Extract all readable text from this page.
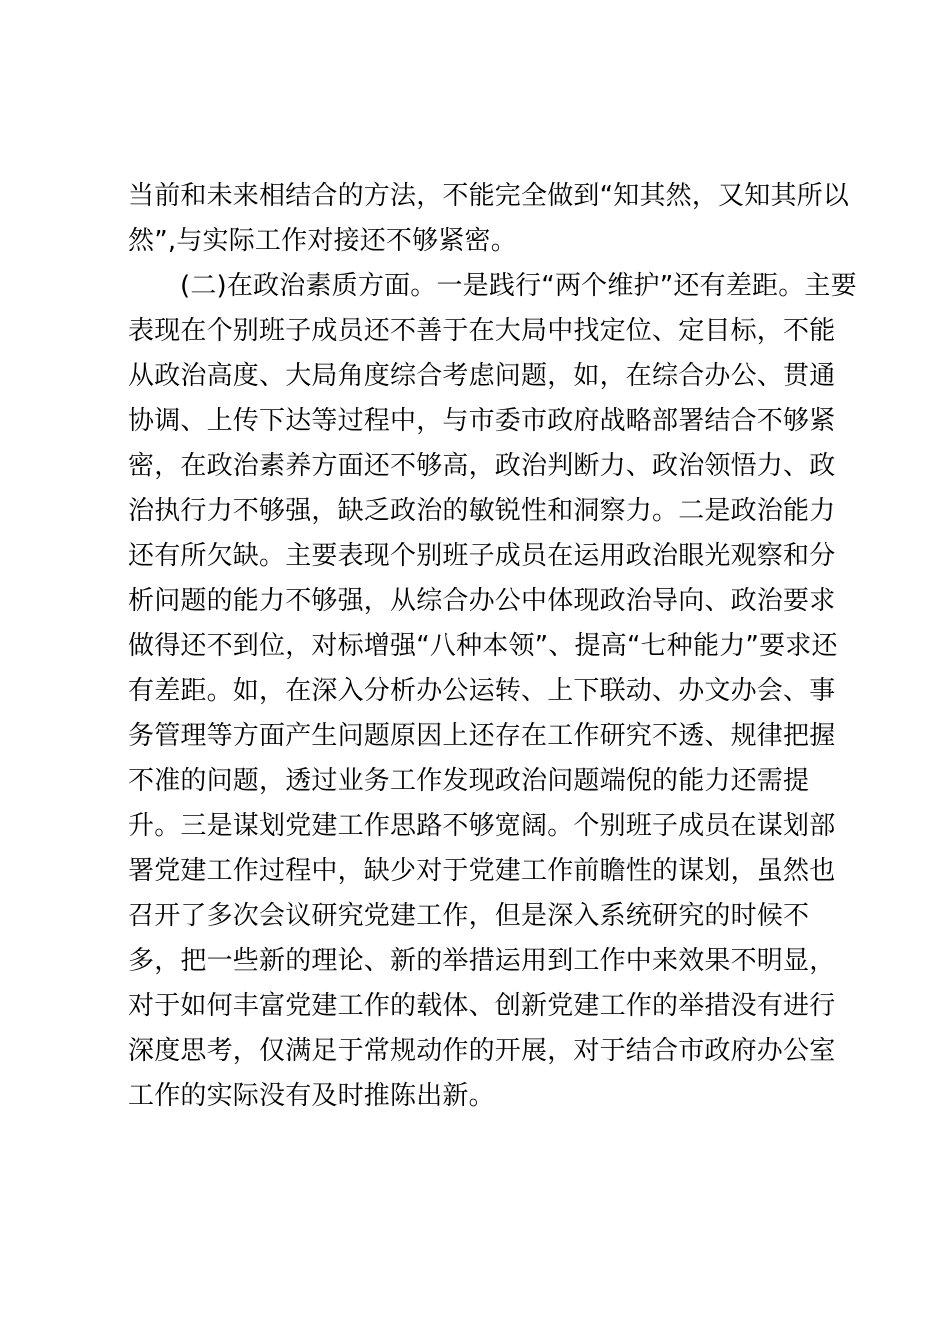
当前和未来相结合的方法，不能完全做到“知其然，又知其所以
然”,与实际工作对接还不够紧密。
(二)在政治素质方面。一是践行“两个维护”还有差距。主要
表现在个别班子成员还不善于在大局中找定位、定目标，不能
从政治高度、大局角度综合考虑问题，如，在综合办公、贯通
协调、上传下达等过程中，与市委市政府战略部署结合不够紧
密，在政治素养方面还不够高，政治判断力、政治领悟力、政
治执行力不够强，缺乏政治的敏锐性和洞察力。二是政治能力
还有所欠缺。主要表现个别班子成员在运用政治眼光观察和分
析问题的能力不够强，从综合办公中体现政治导向、政治要求
做得还不到位，对标增强“八种本领”、提高“七种能力”要求还
有差距。如，在深入分析办公运转、上下联动、办文办会、事
务管理等方面产生问题原因上还存在工作研究不透、规律把握
不准的问题，透过业务工作发现政治问题端倪的能力还需提
升。三是谋划党建工作思路不够宽阔。个别班子成员在谋划部
署党建工作过程中，缺少对于党建工作前瞻性的谋划，虽然也
召开了多次会议研究党建工作，但是深入系统研究的时候不
多，把一些新的理论、新的举措运用到工作中来效果不明显，
对于如何丰富党建工作的载体、创新党建工作的举措没有进行
深度思考，仅满足于常规动作的开展，对于结合市政府办公室
工作的实际没有及时推陈出新。
